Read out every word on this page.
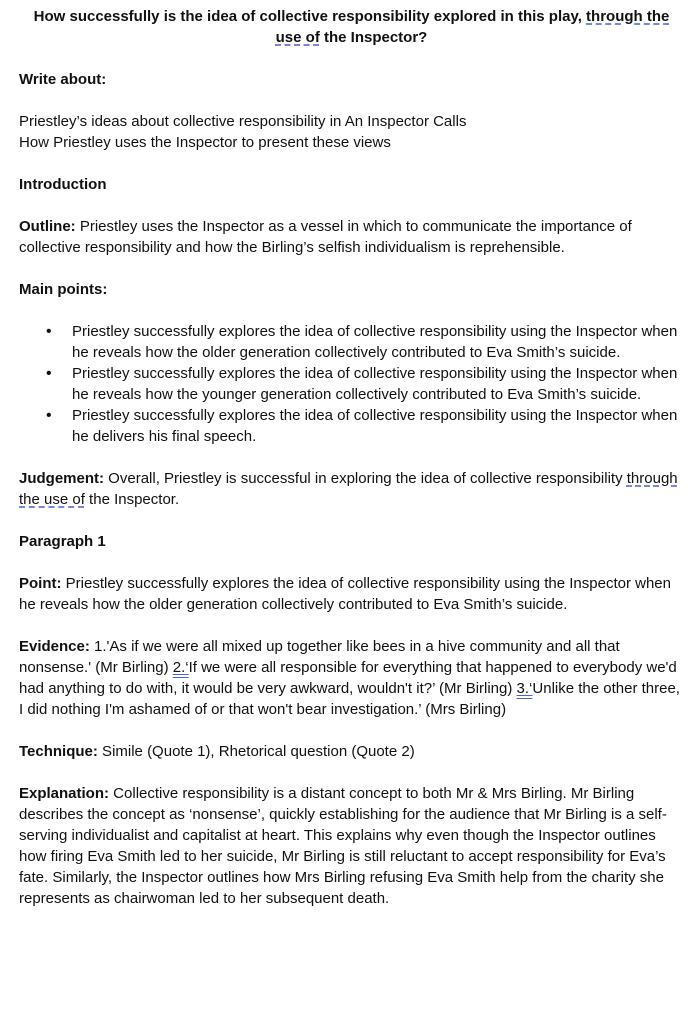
How successfully is the idea of collective responsibility explored in this play, through the use of the Inspector?

Write about:

Priestley’s ideas about collective responsibility in An Inspector Calls

How Priestley uses the Inspector to present these views

Introduction

Outline: Priestley uses the Inspector as a vessel in which to communicate the importance of collective responsibility and how the Birling’s selfish individualism is reprehensible.

Main points:

• Priestley successfully explores the idea of collective responsibility using the Inspector when he reveals how the older generation collectively contributed to Eva Smith’s suicide.
• Priestley successfully explores the idea of collective responsibility using the Inspector when he reveals how the younger generation collectively contributed to Eva Smith’s suicide.
• Priestley successfully explores the idea of collective responsibility using the Inspector when he delivers his final speech.

Judgement: Overall, Priestley is successful in exploring the idea of collective responsibility through the use of the Inspector.

Paragraph 1

Point: Priestley successfully explores the idea of collective responsibility using the Inspector when he reveals how the older generation collectively contributed to Eva Smith’s suicide.

Evidence: 1.'As if we were all mixed up together like bees in a hive community and all that nonsense.' (Mr Birling) 2.‘If we were all responsible for everything that happened to everybody we'd had anything to do with, it would be very awkward, wouldn't it?’ (Mr Birling) 3.‘Unlike the other three, I did nothing I'm ashamed of or that won't bear investigation.’ (Mrs Birling)

Technique: Simile (Quote 1), Rhetorical question (Quote 2)

Explanation: Collective responsibility is a distant concept to both Mr & Mrs Birling. Mr Birling describes the concept as ‘nonsense’, quickly establishing for the audience that Mr Birling is a self-serving individualist and capitalist at heart. This explains why even though the Inspector outlines how firing Eva Smith led to her suicide, Mr Birling is still reluctant to accept responsibility for Eva’s fate. Similarly, the Inspector outlines how Mrs Birling refusing Eva Smith help from the charity she represents as chairwoman led to her subsequent death.
